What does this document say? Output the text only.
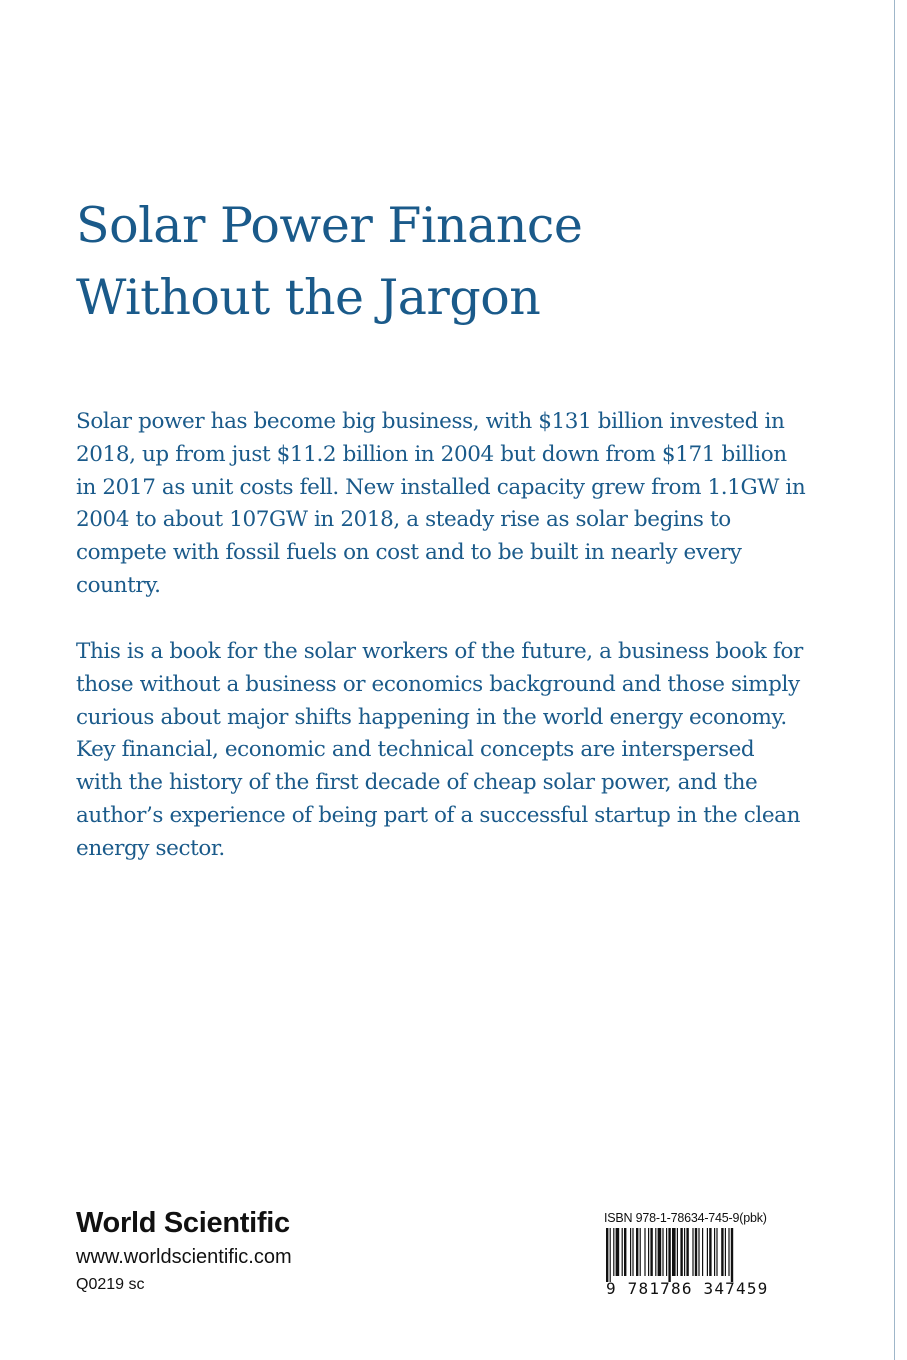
Solar Power Finance
Without the Jargon

Solar power has become big business, with $131 billion invested in 2018, up from just $11.2 billion in 2004 but down from $171 billion in 2017 as unit costs fell. New installed capacity grew from 1.1GW in 2004 to about 107GW in 2018, a steady rise as solar begins to compete with fossil fuels on cost and to be built in nearly every country.

This is a book for the solar workers of the future, a business book for those without a business or economics background and those simply curious about major shifts happening in the world energy economy. Key financial, economic and technical concepts are interspersed with the history of the first decade of cheap solar power, and the author’s experience of being part of a successful startup in the clean energy sector.

World Scientific
www.worldscientific.com
Q0219 sc
ISBN 978-1-78634-745-9(pbk)
9 781786 347459
